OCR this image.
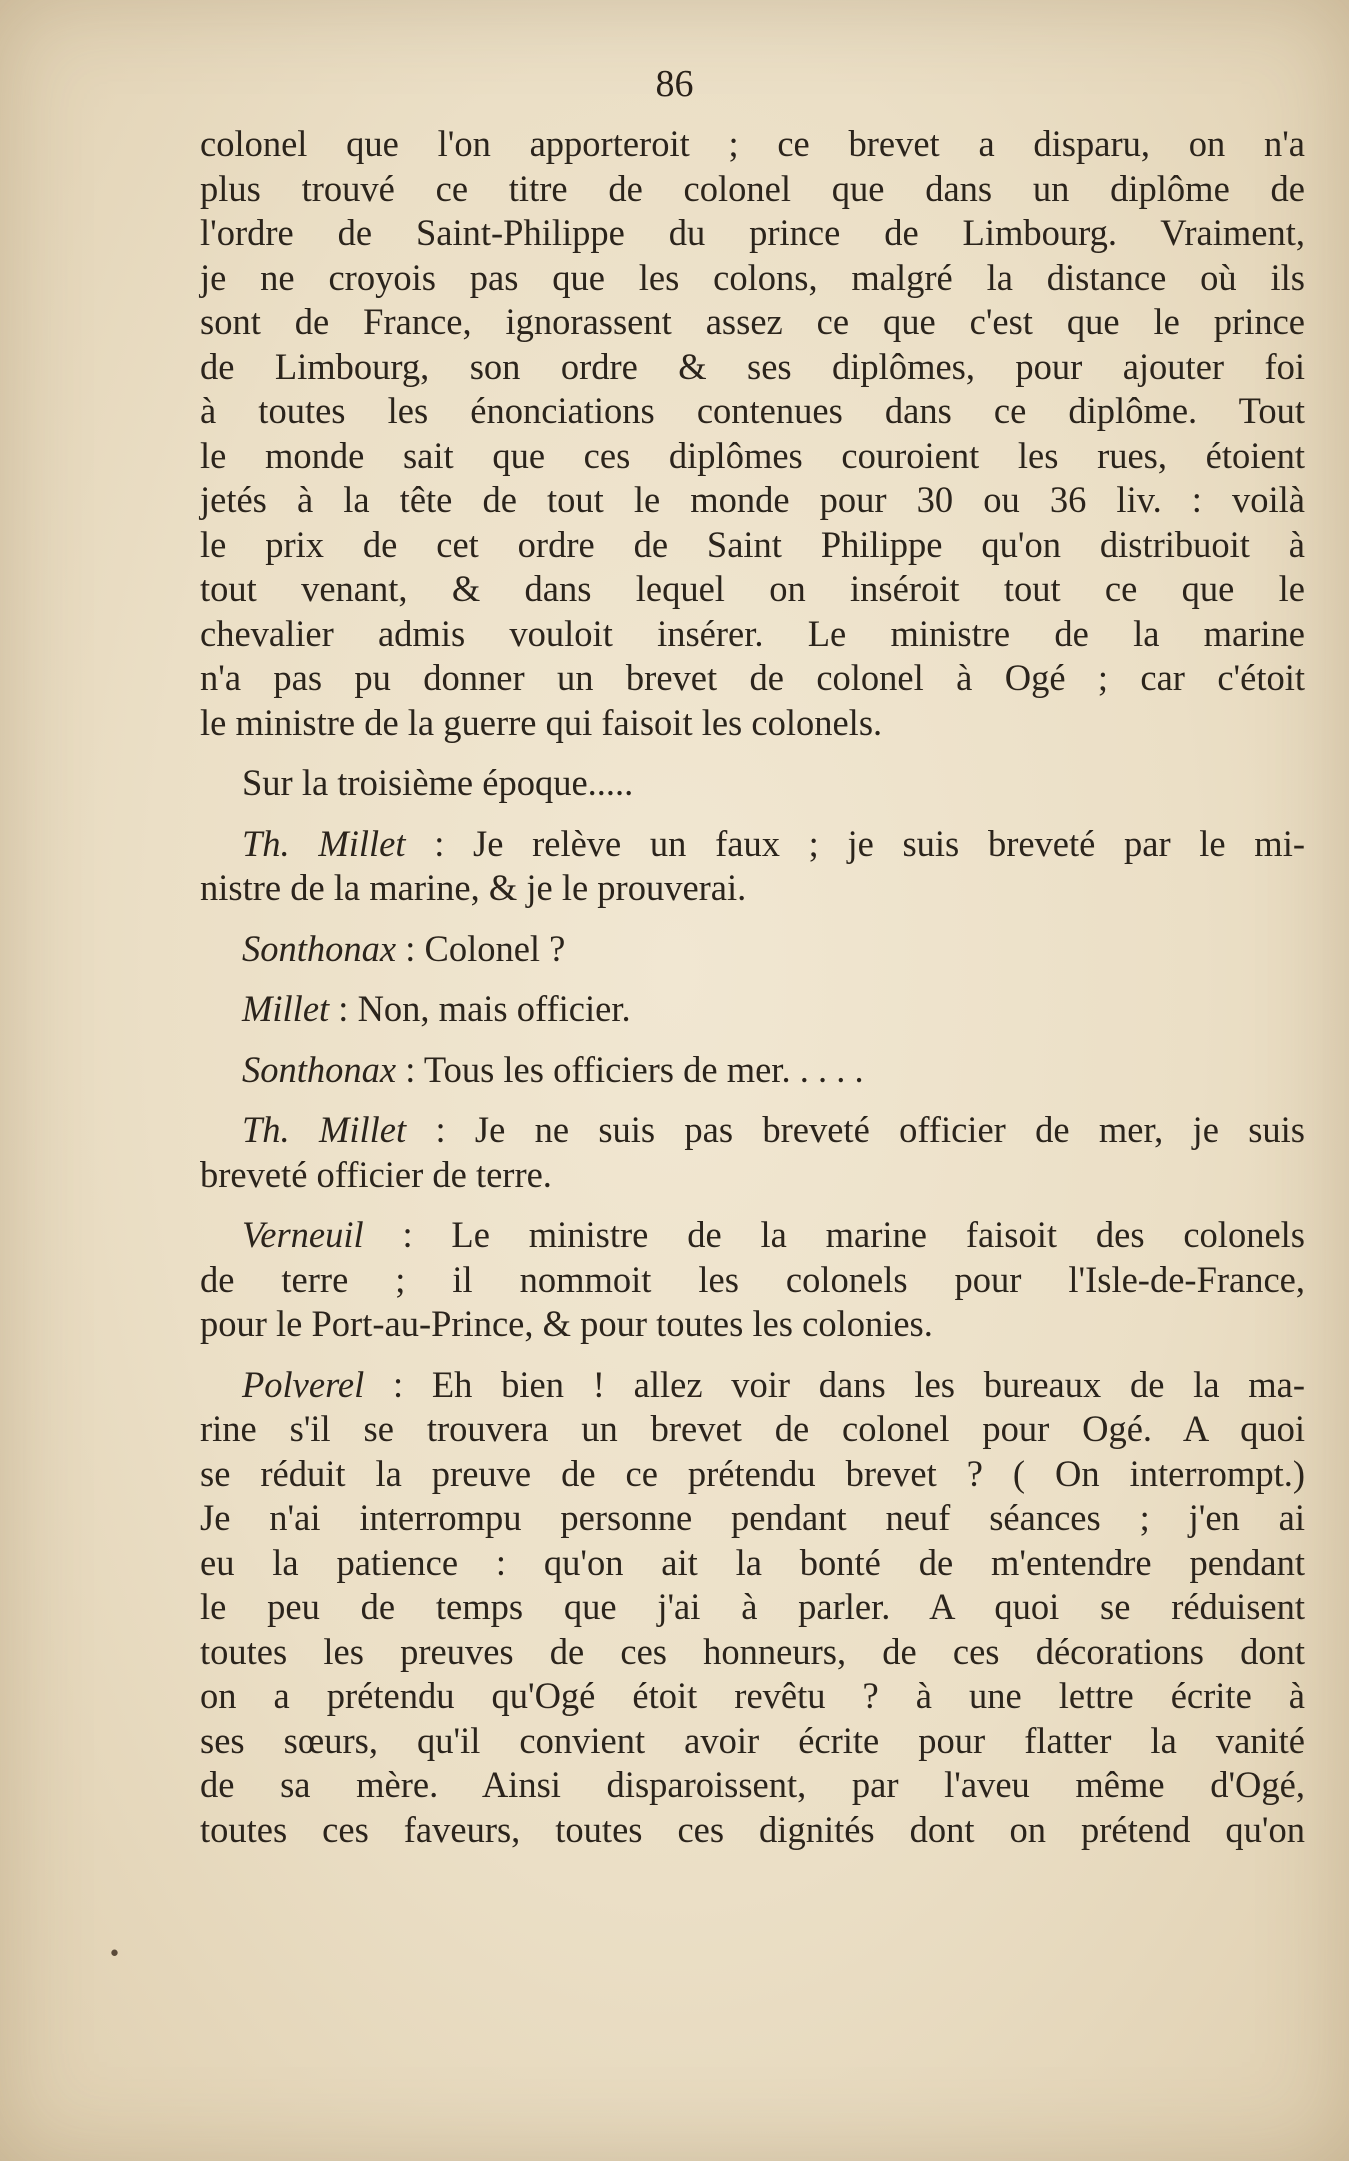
86

colonel que l'on apporteroit ; ce brevet a disparu, on n'a
plus trouvé ce titre de colonel que dans un diplôme de
l'ordre de Saint-Philippe du prince de Limbourg. Vraiment,
je ne croyois pas que les colons, malgré la distance où ils
sont de France, ignorassent assez ce que c'est que le prince
de Limbourg, son ordre & ses diplômes, pour ajouter foi
à toutes les énonciations contenues dans ce diplôme. Tout
le monde sait que ces diplômes couroient les rues, étoient
jetés à la tête de tout le monde pour 30 ou 36 liv. : voilà
le prix de cet ordre de Saint Philippe qu'on distribuoit à
tout venant, & dans lequel on inséroit tout ce que le
chevalier admis vouloit insérer. Le ministre de la marine
n'a pas pu donner un brevet de colonel à Ogé ; car c'étoit
le ministre de la guerre qui faisoit les colonels.

Sur la troisième époque.....

Th. Millet : Je relève un faux ; je suis breveté par le mi-
nistre de la marine, & je le prouverai.

Sonthonax : Colonel ?

Millet : Non, mais officier.

Sonthonax : Tous les officiers de mer. . . . .

Th. Millet : Je ne suis pas breveté officier de mer, je suis
breveté officier de terre.

Verneuil : Le ministre de la marine faisoit des colonels
de terre ; il nommoit les colonels pour l'Isle-de-France,
pour le Port-au-Prince, & pour toutes les colonies.

Polverel : Eh bien ! allez voir dans les bureaux de la ma-
rine s'il se trouvera un brevet de colonel pour Ogé. A quoi
se réduit la preuve de ce prétendu brevet ? ( On interrompt.)
Je n'ai interrompu personne pendant neuf séances ; j'en ai
eu la patience : qu'on ait la bonté de m'entendre pendant
le peu de temps que j'ai à parler. A quoi se réduisent
toutes les preuves de ces honneurs, de ces décorations dont
on a prétendu qu'Ogé étoit revêtu ? à une lettre écrite à
ses sœurs, qu'il convient avoir écrite pour flatter la vanité
de sa mère. Ainsi disparoissent, par l'aveu même d'Ogé,
toutes ces faveurs, toutes ces dignités dont on prétend qu'on

•
